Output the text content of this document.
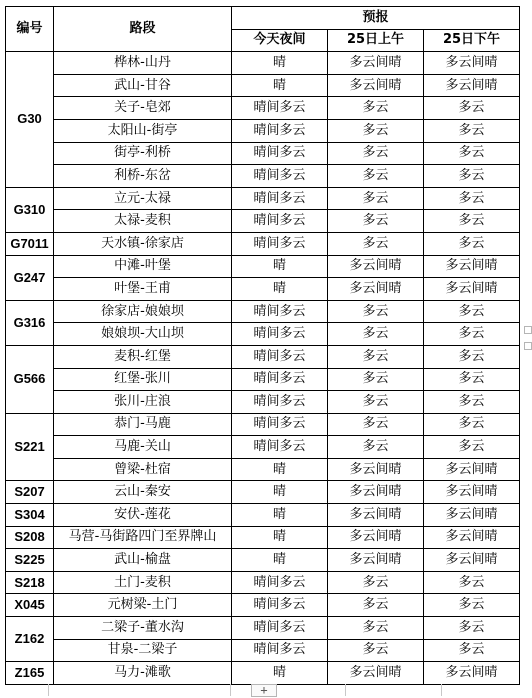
编号	路段	预报		
		今天夜间	25日上午	25日下午
G30	桦林-山丹	晴	多云间晴	多云间晴
	武山-甘谷	晴	多云间晴	多云间晴
	关子-皂郊	晴间多云	多云	多云
	太阳山-街亭	晴间多云	多云	多云
	街亭-利桥	晴间多云	多云	多云
	利桥-东岔	晴间多云	多云	多云
G310	立元-太禄	晴间多云	多云	多云
	太禄-麦积	晴间多云	多云	多云
G7011	天水镇-徐家店	晴间多云	多云	多云
G247	中滩-叶堡	晴	多云间晴	多云间晴
	叶堡-王甫	晴	多云间晴	多云间晴
G316	徐家店-娘娘坝	晴间多云	多云	多云
	娘娘坝-大山坝	晴间多云	多云	多云
G566	麦积-红堡	晴间多云	多云	多云
	红堡-张川	晴间多云	多云	多云
	张川-庄浪	晴间多云	多云	多云
S221	恭门-马鹿	晴间多云	多云	多云
	马鹿-关山	晴间多云	多云	多云
	曾梁-杜宿	晴	多云间晴	多云间晴
S207	云山-秦安	晴	多云间晴	多云间晴
S304	安伏-莲花	晴	多云间晴	多云间晴
S208	马营-马街路四门至界牌山	晴	多云间晴	多云间晴
S225	武山-榆盘	晴	多云间晴	多云间晴
S218	土门-麦积	晴间多云	多云	多云
X045	元树梁-土门	晴间多云	多云	多云
Z162	二梁子-董水沟	晴间多云	多云	多云
	甘泉-二梁子	晴间多云	多云	多云
Z165	马力-滩歌	晴	多云间晴	多云间晴
+
